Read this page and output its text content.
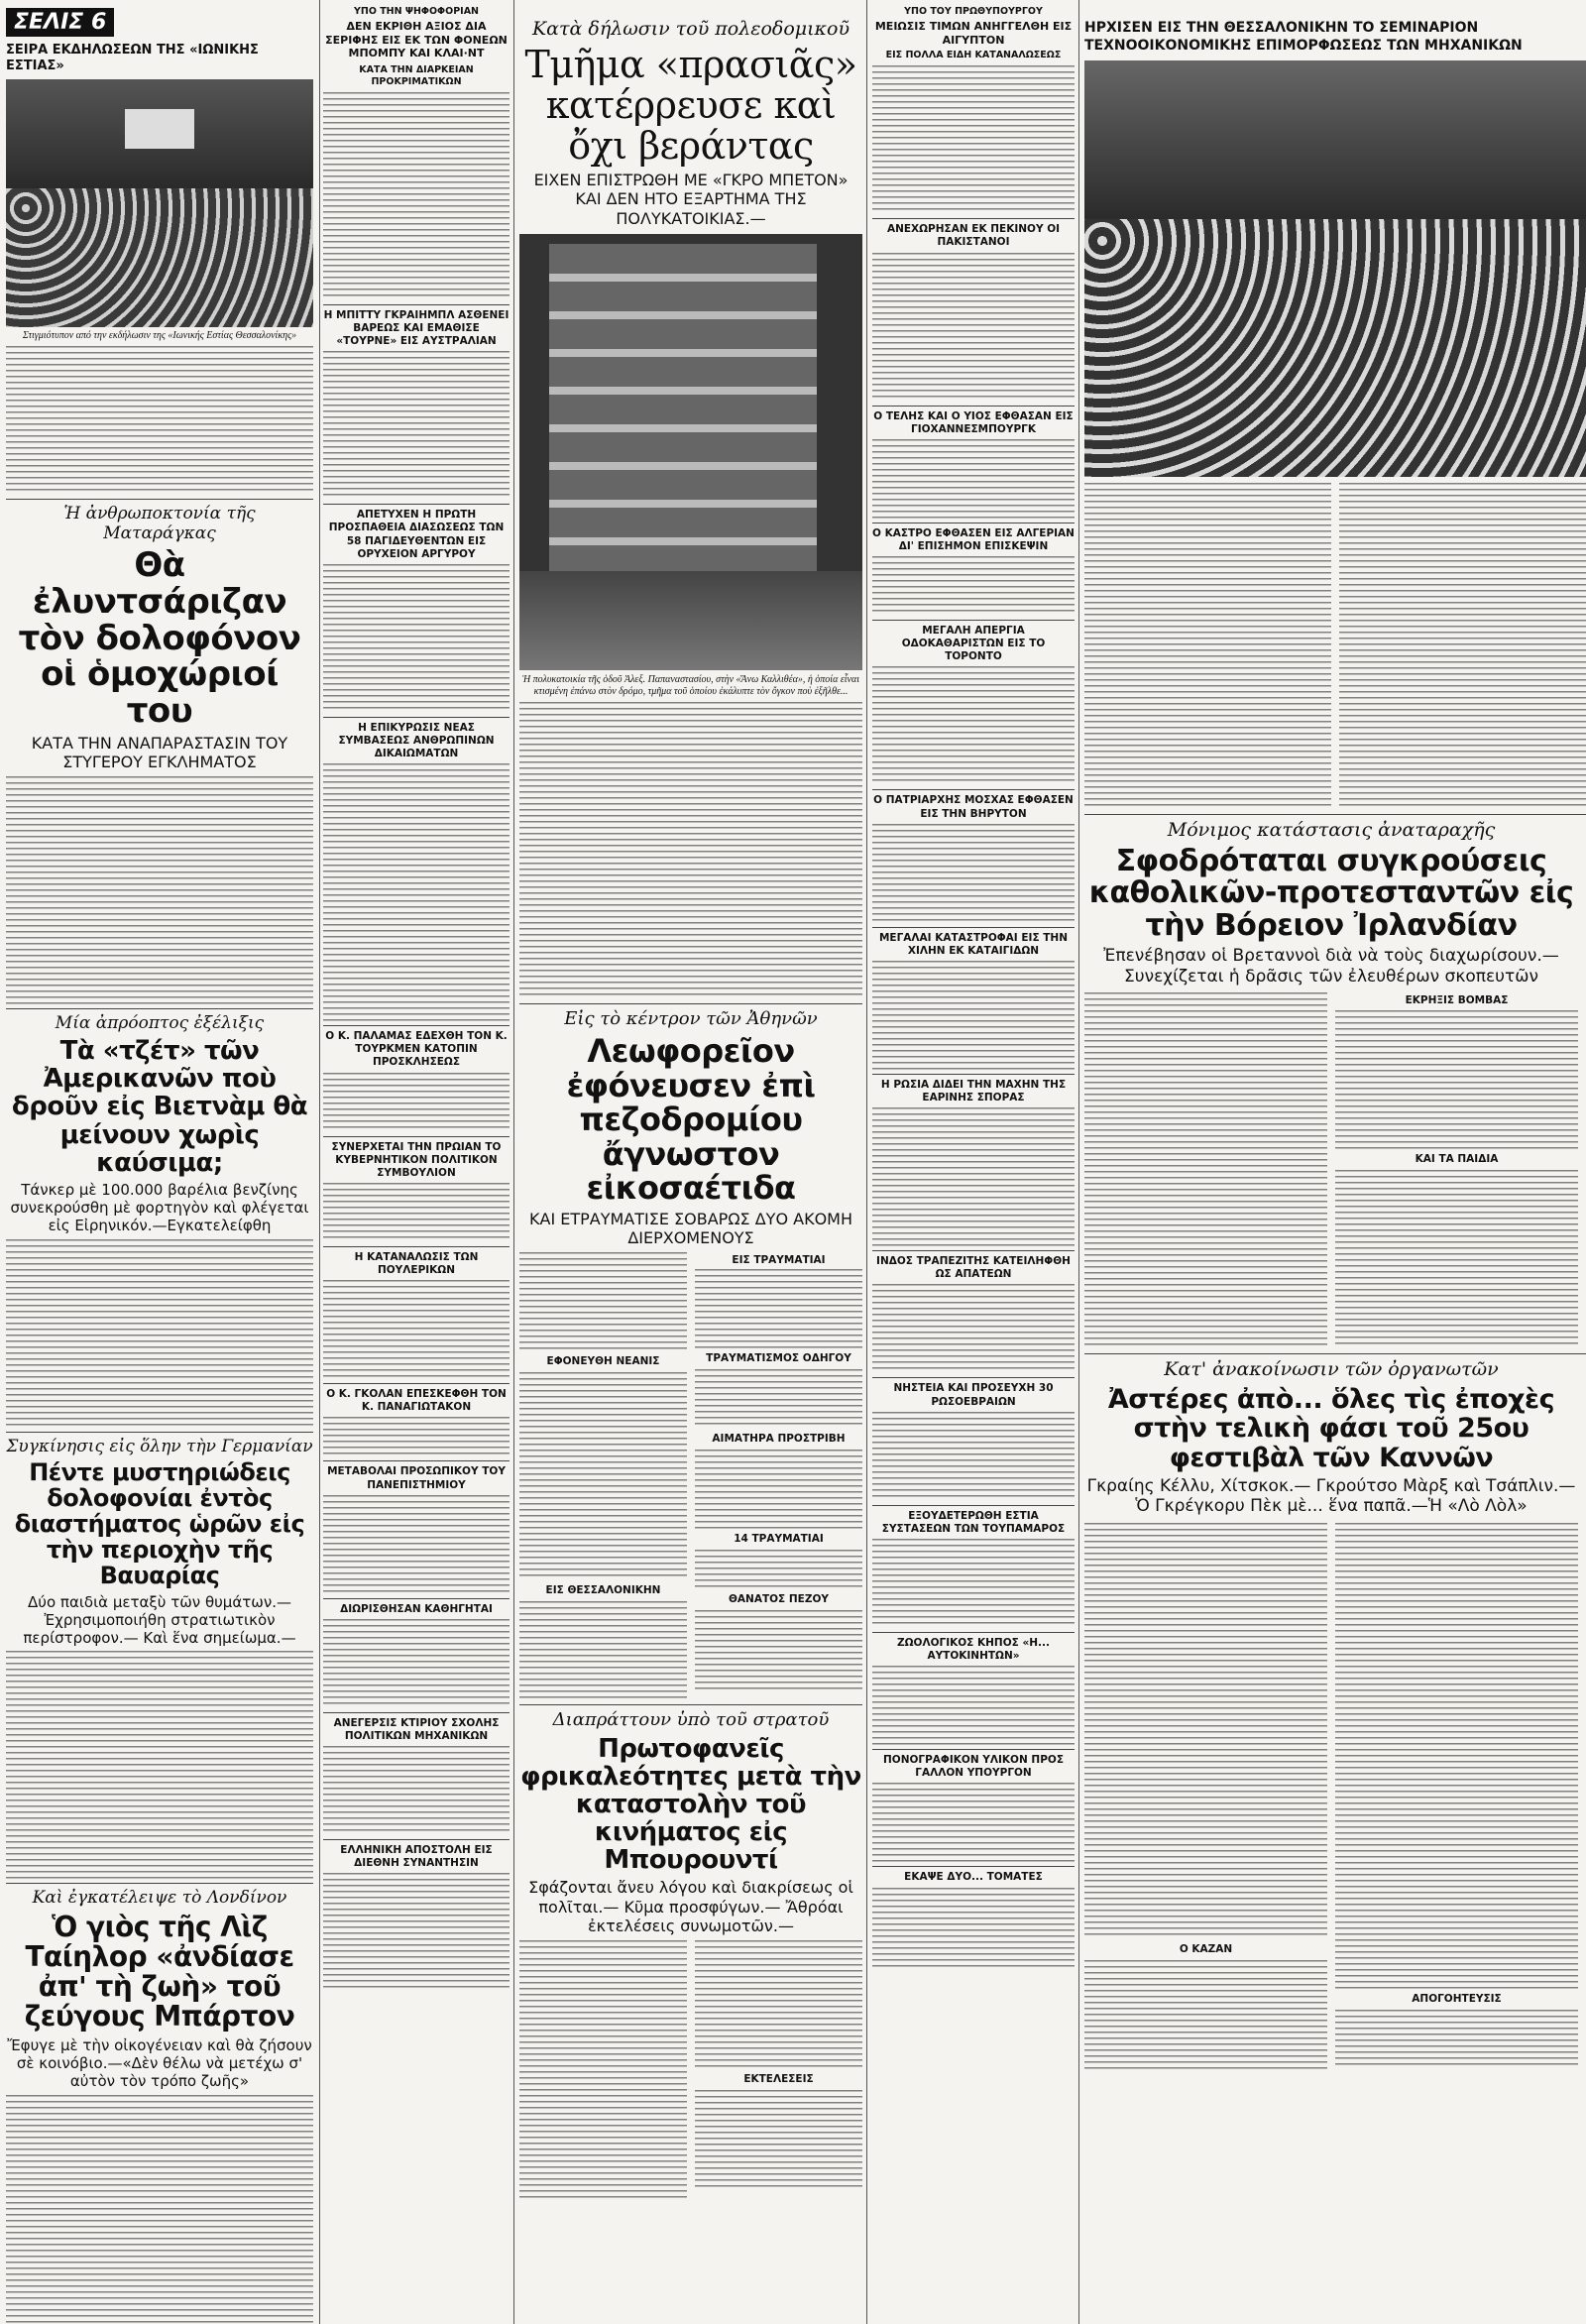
ΣΕΛΙΣ 6
ΣΕΙΡΑ ΕΚΔΗΛΩΣΕΩΝ ΤΗΣ «ΙΩΝΙΚΗΣ ΕΣΤΙΑΣ»
Στιγμιότυπον από την εκδήλωσιν της «Ιωνικής Εστίας Θεσσαλονίκης»
Ἡ ἀνθρωποκτονία τῆς Ματαράγκας
Θὰ ἐλυντσάριζαν τὸν δολοφόνον οἱ ὁμοχώριοί του
ΚΑΤΑ ΤΗΝ ΑΝΑΠΑΡΑΣΤΑΣΙΝ ΤΟΥ ΣΤΥΓΕΡΟΥ ΕΓΚΛΗΜΑΤΟΣ
Μία ἀπρόοπτος ἐξέλιξις
Τὰ «τζέτ» τῶν Ἀμερικανῶν ποὺ δροῦν εἰς Βιετνὰμ θὰ μείνουν χωρὶς καύσιμα;
Τάνκερ μὲ 100.000 βαρέλια βενζίνης συνεκρούσθη μὲ φορτηγὸν καὶ φλέγεται εἰς Εἰρηνικόν.—Εγκατελείφθη
Συγκίνησις εἰς ὅλην τὴν Γερμανίαν
Πέντε μυστηριώδεις δολοφονίαι ἐντὸς διαστήματος ὡρῶν εἰς τὴν περιοχὴν τῆς Βαυαρίας
Δύο παιδιὰ μεταξὺ τῶν θυμάτων.— Ἐχρησιμοποιήθη στρατιωτικὸν περίστροφον.— Καὶ ἕνα σημείωμα.—
Καὶ ἐγκατέλειψε τὸ Λονδίνον
Ὁ γιὸς τῆς Λὶζ Ταίηλορ «ἀνδίασε ἀπ' τὴ ζωὴ» τοῦ ζεύγους Μπάρτον
Ἔφυγε μὲ τὴν οἰκογένειαν καὶ θὰ ζήσουν σὲ κοινόβιο.—«Δὲν θέλω νὰ μετέχω σ' αὐτὸν τὸν τρόπο ζωῆς»
ΥΠΟ ΤΗΝ ΨΗΦΟΦΟΡΙΑΝ
ΔΕΝ ΕΚΡΙΘΗ ΑΞΙΟΣ ΔΙΑ ΣΕΡΙΦΗΣ ΕΙΣ ΕΚ ΤΩΝ ΦΟΝΕΩΝ ΜΠΟΜΠΥ ΚΑΙ ΚΛΑΙ·ΝΤ
ΚΑΤΑ ΤΗΝ ΔΙΑΡΚΕΙΑΝ ΠΡΟΚΡΙΜΑΤΙΚΩΝ
Η ΜΠΙΤΤΥ ΓΚΡΑΙΗΜΠΛ ΑΣΘΕΝΕΙ ΒΑΡΕΩΣ ΚΑΙ ΕΜΑΘΙΣΕ «ΤΟΥΡΝΕ» ΕΙΣ ΑΥΣΤΡΑΛΙΑΝ
ΑΠΕΤΥΧΕΝ Η ΠΡΩΤΗ ΠΡΟΣΠΑΘΕΙΑ ΔΙΑΣΩΣΕΩΣ ΤΩΝ 58 ΠΑΓΙΔΕΥΘΕΝΤΩΝ ΕΙΣ ΟΡΥΧΕΙΟΝ ΑΡΓΥΡΟΥ
Η ΕΠΙΚΥΡΩΣΙΣ ΝΕΑΣ ΣΥΜΒΑΣΕΩΣ ΑΝΘΡΩΠΙΝΩΝ ΔΙΚΑΙΩΜΑΤΩΝ
Ο Κ. ΠΑΛΑΜΑΣ ΕΔΕΧΘΗ ΤΟΝ Κ. ΤΟΥΡΚΜΕΝ ΚΑΤΟΠΙΝ ΠΡΟΣΚΛΗΣΕΩΣ
ΣΥΝΕΡΧΕΤΑΙ ΤΗΝ ΠΡΩΙΑΝ ΤΟ ΚΥΒΕΡΝΗΤΙΚΟΝ ΠΟΛΙΤΙΚΟΝ ΣΥΜΒΟΥΛΙΟΝ
Η ΚΑΤΑΝΑΛΩΣΙΣ ΤΩΝ ΠΟΥΛΕΡΙΚΩΝ
Ο Κ. ΓΚΟΛΑΝ ΕΠΕΣΚΕΦΘΗ ΤΟΝ Κ. ΠΑΝΑΓΙΩΤΑΚΟΝ
ΜΕΤΑΒΟΛΑΙ ΠΡΟΣΩΠΙΚΟΥ ΤΟΥ ΠΑΝΕΠΙΣΤΗΜΙΟΥ
ΔΙΩΡΙΣΘΗΣΑΝ ΚΑΘΗΓΗΤΑΙ
ΑΝΕΓΕΡΣΙΣ ΚΤΙΡΙΟΥ ΣΧΟΛΗΣ ΠΟΛΙΤΙΚΩΝ ΜΗΧΑΝΙΚΩΝ
ΕΛΛΗΝΙΚΗ ΑΠΟΣΤΟΛΗ ΕΙΣ ΔΙΕΘΝΗ ΣΥΝΑΝΤΗΣΙΝ
Κατὰ δήλωσιν τοῦ πολεοδομικοῦ
Τμῆμα «πρασιᾶς» κατέρρευσε καὶ ὄχι βεράντας
ΕΙΧΕΝ ΕΠΙΣΤΡΩΘΗ ΜΕ «ΓΚΡΟ ΜΠΕΤΟΝ» ΚΑΙ ΔΕΝ ΗΤΟ ΕΞΑΡΤΗΜΑ ΤΗΣ ΠΟΛΥΚΑΤΟΙΚΙΑΣ.—
Ἡ πολυκατοικία τῆς ὁδοῦ Ἀλεξ. Παπαναστασίου, στὴν «Ἄνω Καλλιθέα», ἡ ὁποία εἶναι κτισμένη ἐπάνω στὸν δρόμο, τμῆμα τοῦ ὁποίου ἐκάλυπτε τὸν ὄγκον ποὺ ἐξῆλθε...
Εἰς τὸ κέντρον τῶν Ἀθηνῶν
Λεωφορεῖον ἐφόνευσεν ἐπὶ πεζοδρομίου ἄγνωστον εἰκοσαέτιδα
ΚΑΙ ΕΤΡΑΥΜΑΤΙΣΕ ΣΟΒΑΡΩΣ ΔΥΟ ΑΚΟΜΗ ΔΙΕΡΧΟΜΕΝΟΥΣ
ΕΦΟΝΕΥΘΗ ΝΕΑΝΙΣ
ΕΙΣ ΘΕΣΣΑΛΟΝΙΚΗΝ
ΕΙΣ ΤΡΑΥΜΑΤΙΑΙ
ΤΡΑΥΜΑΤΙΣΜΟΣ ΟΔΗΓΟΥ
ΑΙΜΑΤΗΡΑ ΠΡΟΣΤΡΙΒΗ
14 ΤΡΑΥΜΑΤΙΑΙ
ΘΑΝΑΤΟΣ ΠΕΖΟΥ
Διαπράττουν ὑπὸ τοῦ στρατοῦ
Πρωτοφανεῖς φρικαλεότητες μετὰ τὴν καταστολὴν τοῦ κινήματος εἰς Μπουρουντί
Σφάζονται ἄνευ λόγου καὶ διακρίσεως οἱ πολῖται.— Κῦμα προσφύγων.— Ἄθρόαι ἐκτελέσεις συνωμοτῶν.—
ΕΚΤΕΛΕΣΕΙΣ
ΥΠΟ ΤΟΥ ΠΡΩΘΥΠΟΥΡΓΟΥ
ΜΕΙΩΣΙΣ ΤΙΜΩΝ ΑΝΗΓΓΕΛΘΗ ΕΙΣ ΑΙΓΥΠΤΟΝ
ΕΙΣ ΠΟΛΛΑ ΕΙΔΗ ΚΑΤΑΝΑΛΩΣΕΩΣ
ΑΝΕΧΩΡΗΣΑΝ ΕΚ ΠΕΚΙΝΟΥ ΟΙ ΠΑΚΙΣΤΑΝΟΙ
Ο ΤΕΛΗΣ ΚΑΙ Ο ΥΙΟΣ ΕΦΘΑΣΑΝ ΕΙΣ ΓΙΟΧΑΝΝΕΣΜΠΟΥΡΓΚ
Ο ΚΑΣΤΡΟ ΕΦΘΑΣΕΝ ΕΙΣ ΑΛΓΕΡΙΑΝ ΔΙ' ΕΠΙΣΗΜΟΝ ΕΠΙΣΚΕΨΙΝ
ΜΕΓΑΛΗ ΑΠΕΡΓΙΑ ΟΔΟΚΑΘΑΡΙΣΤΩΝ ΕΙΣ ΤΟ ΤΟΡΟΝΤΟ
Ο ΠΑΤΡΙΑΡΧΗΣ ΜΟΣΧΑΣ ΕΦΘΑΣΕΝ ΕΙΣ ΤΗΝ ΒΗΡΥΤΟΝ
ΜΕΓΑΛΑΙ ΚΑΤΑΣΤΡΟΦΑΙ ΕΙΣ ΤΗΝ ΧΙΛΗΝ ΕΚ ΚΑΤΑΙΓΙΔΩΝ
Η ΡΩΣΙΑ ΔΙΔΕΙ ΤΗΝ ΜΑΧΗΝ ΤΗΣ ΕΑΡΙΝΗΣ ΣΠΟΡΑΣ
ΙΝΔΟΣ ΤΡΑΠΕΖΙΤΗΣ ΚΑΤΕΙΛΗΦΘΗ ΩΣ ΑΠΑΤΕΩΝ
ΝΗΣΤΕΙΑ ΚΑΙ ΠΡΟΣΕΥΧΗ 30 ΡΩΣΟΕΒΡΑΙΩΝ
ΕΞΟΥΔΕΤΕΡΩΘΗ ΕΣΤΙΑ ΣΥΣΤΑΣΕΩΝ ΤΩΝ ΤΟΥΠΑΜΑΡΟΣ
ΖΩΟΛΟΓΙΚΟΣ ΚΗΠΟΣ «Η... ΑΥΤΟΚΙΝΗΤΩΝ»
ΠΟΝΟΓΡΑΦΙΚΟΝ ΥΛΙΚΟΝ ΠΡΟΣ ΓΑΛΛΟΝ ΥΠΟΥΡΓΟΝ
ΕΚΑΨΕ ΔΥΟ... ΤΟΜΑΤΕΣ
ΗΡΧΙΣΕΝ ΕΙΣ ΤΗΝ ΘΕΣΣΑΛΟΝΙΚΗΝ ΤΟ ΣΕΜΙΝΑΡΙΟΝ ΤΕΧΝΟΟΙΚΟΝΟΜΙΚΗΣ ΕΠΙΜΟΡΦΩΣΕΩΣ ΤΩΝ ΜΗΧΑΝΙΚΩΝ
Μόνιμος κατάστασις ἀναταραχῆς
Σφοδρόταται συγκρούσεις καθολικῶν-προτεσταντῶν εἰς τὴν Βόρειον Ἰρλανδίαν
Ἐπενέβησαν οἱ Βρεταννοὶ διὰ νὰ τοὺς διαχωρίσουν.— Συνεχίζεται ἡ δρᾶσις τῶν ἐλευθέρων σκοπευτῶν
ΕΚΡΗΞΙΣ ΒΟΜΒΑΣ
ΚΑΙ ΤΑ ΠΑΙΔΙΑ
Κατ' ἀνακοίνωσιν τῶν ὀργανωτῶν
Ἀστέρες ἀπὸ... ὅλες τὶς ἐποχὲς στὴν τελικὴ φάσι τοῦ 25ου φεστιβὰλ τῶν Καννῶν
Γκραίης Κέλλυ, Χίτσκοκ.— Γκρούτσο Μὰρξ καὶ Τσάπλιν.—Ὁ Γκρέγκορυ Πὲκ μὲ... ἕνα παπᾶ.—Ἡ «Λὸ Λὸλ»
Ο ΚΑΖΑΝ
ΑΠΟΓΟΗΤΕΥΣΙΣ
